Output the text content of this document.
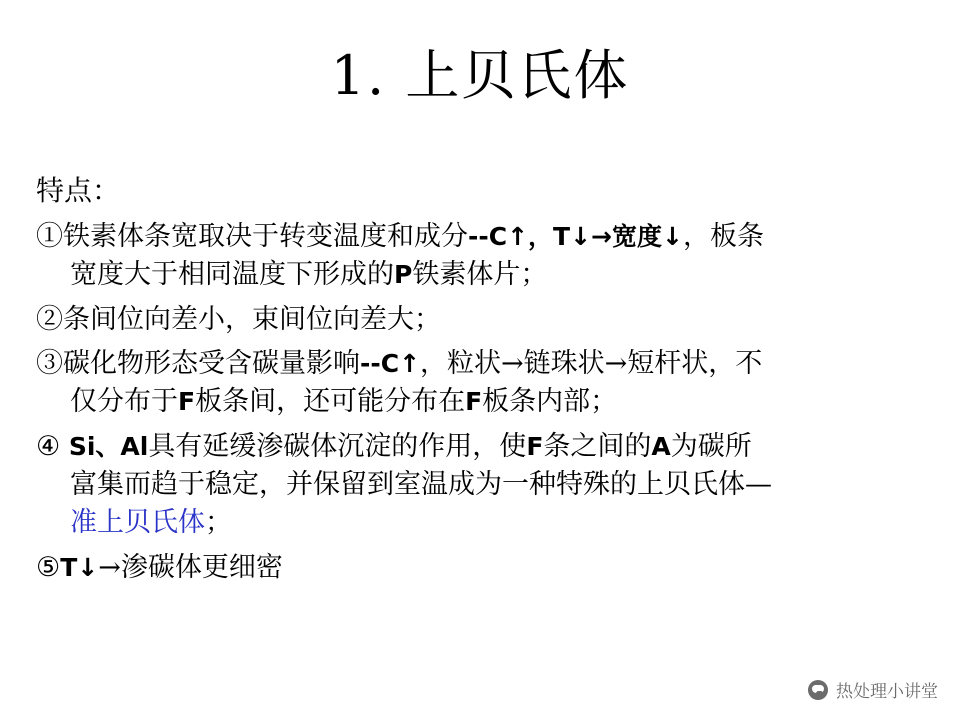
1. 上贝氏体
特点：
①铁素体条宽取决于转变温度和成分--C↑，T↓→宽度↓，板条
宽度大于相同温度下形成的P铁素体片；
②条间位向差小，束间位向差大；
③碳化物形态受含碳量影响--C↑，粒状→链珠状→短杆状，不
仅分布于F板条间，还可能分布在F板条内部；
④ Si、Al具有延缓渗碳体沉淀的作用，使F条之间的A为碳所
富集而趋于稳定，并保留到室温成为一种特殊的上贝氏体—
准上贝氏体；
⑤T↓→渗碳体更细密
热处理小讲堂
